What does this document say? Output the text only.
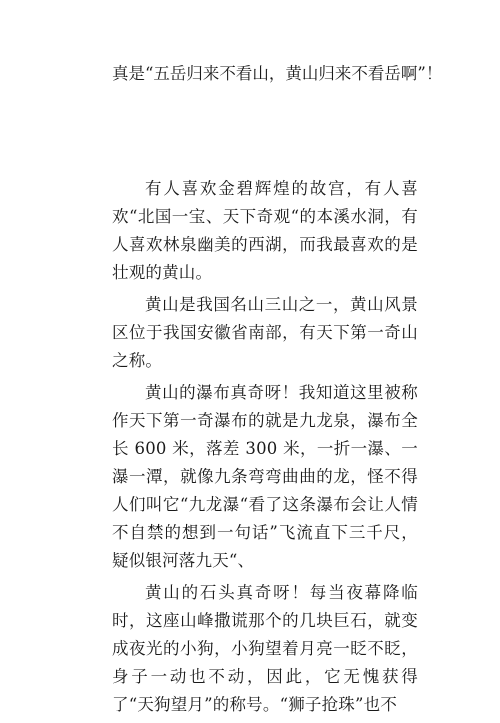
真是“五岳归来不看山，黄山归来不看岳啊”！

有人喜欢金碧辉煌的故宫，有人喜欢“北国一宝、天下奇观“的本溪水洞，有人喜欢林泉幽美的西湖，而我最喜欢的是壮观的黄山。

黄山是我国名山三山之一，黄山风景区位于我国安徽省南部，有天下第一奇山之称。

黄山的瀑布真奇呀！我知道这里被称作天下第一奇瀑布的就是九龙泉，瀑布全长 600 米，落差 300 米，一折一瀑、一瀑一潭，就像九条弯弯曲曲的龙，怪不得人们叫它“九龙瀑“看了这条瀑布会让人情不自禁的想到一句话”飞流直下三千尺，疑似银河落九天“、

黄山的石头真奇呀！每当夜幕降临时，这座山峰撒谎那个的几块巨石，就变成夜光的小狗，小狗望着月亮一眨不眨，身子一动也不动，因此，它无愧获得了“天狗望月”的称号。“狮子抢珠”也不
